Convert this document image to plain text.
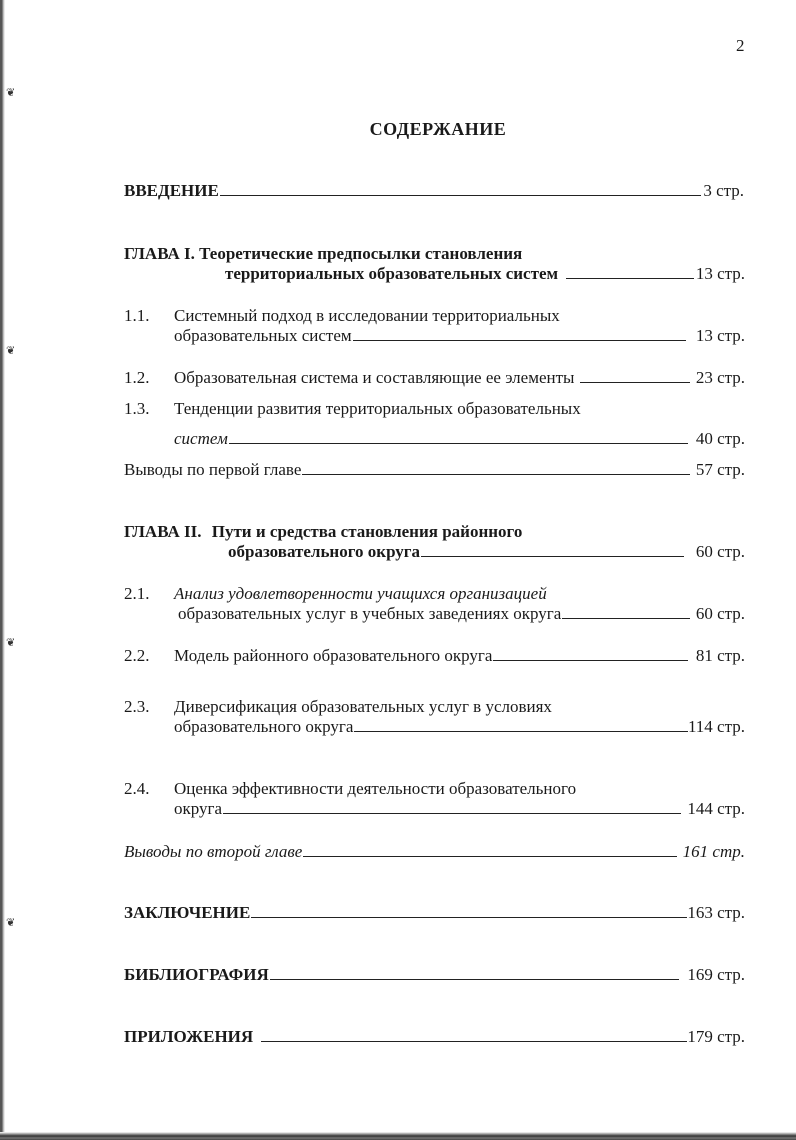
❦
❦
❦
❦
2
СОДЕРЖАНИЕ
ВВЕДЕНИЕ	3 стр.
ГЛАВА I. Теоретические предпосылки становления
территориальных образовательных систем	13 стр.
1.1. Системный подход в исследовании территориальных
образовательных систем	13 стр.
1.2.	Образовательная система и составляющие ее элементы	23 стр.
1.3. Тенденции развития территориальных образовательных
систем	40 стр.
Выводы по первой главе	57 стр.
ГЛАВА II. Пути и средства становления районного
образовательного округа	60 стр.
2.1. Анализ удовлетворенности учащихся организацией
образовательных услуг в учебных заведениях округа	60 стр.
2.2.	Модель районного образовательного округа	81 стр.
2.3. Диверсификация образовательных услуг в условиях
образовательного округа	114 стр.
2.4. Оценка эффективности деятельности образовательного
округа	144 стр.
Выводы по второй главе	161 стр.
ЗАКЛЮЧЕНИЕ	163 стр.
БИБЛИОГРАФИЯ	169 стр.
ПРИЛОЖЕНИЯ	179 стр.
